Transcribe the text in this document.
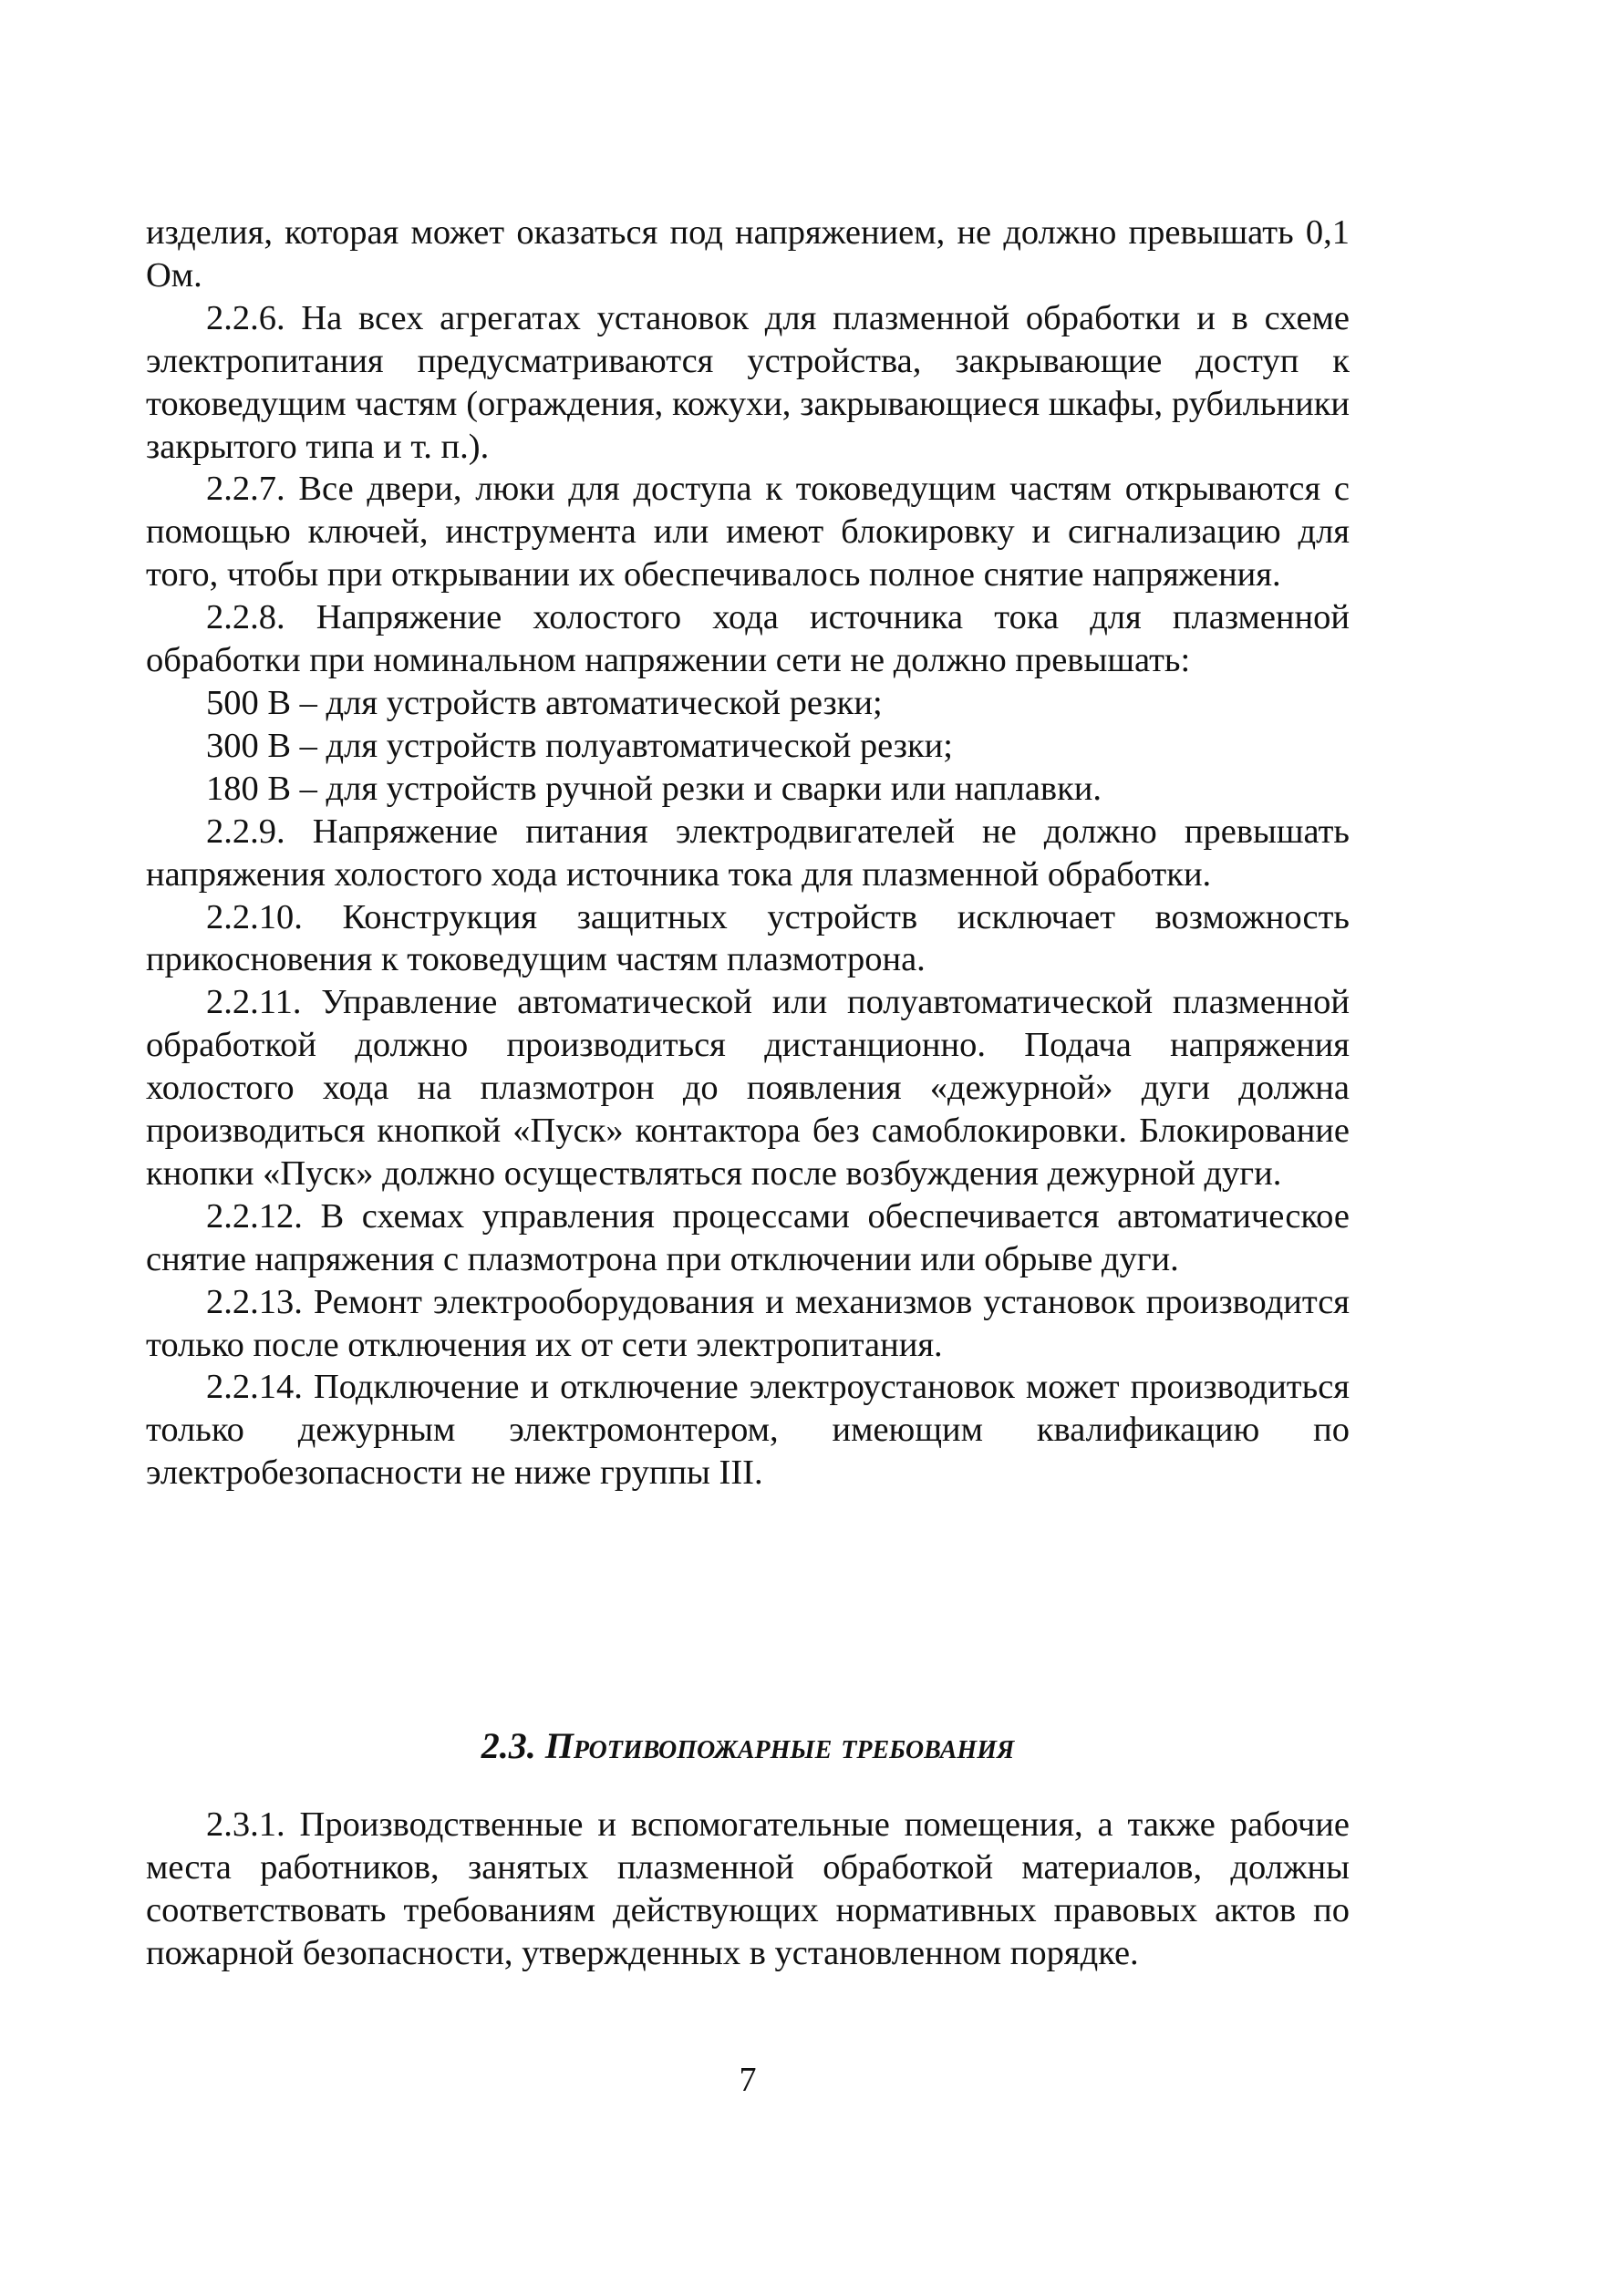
изделия, которая может оказаться под напряжением, не должно превышать 0,1 Ом.

2.2.6. На всех агрегатах установок для плазменной обработки и в схеме электропитания предусматриваются устройства, закрывающие доступ к токоведущим частям (ограждения, кожухи, закрывающиеся шкафы, рубильники закрытого типа и т. п.).

2.2.7. Все двери, люки для доступа к токоведущим частям открываются с помощью ключей, инструмента или имеют блокировку и сигнализацию для того, чтобы при открывании их обеспечивалось полное снятие напряжения.

2.2.8. Напряжение холостого хода источника тока для плазменной обработки при номинальном напряжении сети не должно превышать:

500 В – для устройств автоматической резки;

300 В – для устройств полуавтоматической резки;

180 В – для устройств ручной резки и сварки или наплавки.

2.2.9. Напряжение питания электродвигателей не должно превышать напряжения холостого хода источника тока для плазменной обработки.

2.2.10. Конструкция защитных устройств исключает возможность прикосновения к токоведущим частям плазмотрона.

2.2.11. Управление автоматической или полуавтоматической плазменной обработкой должно производиться дистанционно. Подача напряжения холостого хода на плазмотрон до появления «дежурной» дуги должна производиться кнопкой «Пуск» контактора без самоблокировки. Блокирование кнопки «Пуск» должно осуществляться после возбуждения дежурной дуги.

2.2.12. В схемах управления процессами обеспечивается автоматическое снятие напряжения с плазмотрона при отключении или обрыве дуги.

2.2.13. Ремонт электрооборудования и механизмов установок производится только после отключения их от сети электропитания.

2.2.14. Подключение и отключение электроустановок может производиться только дежурным электромонтером, имеющим квалификацию по электробезопасности не ниже группы III.

2.3. Противопожарные требования

2.3.1. Производственные и вспомогательные помещения, а также рабочие места работников, занятых плазменной обработкой материалов, должны соответствовать требованиям действующих нормативных правовых актов по пожарной безопасности, утвержденных в установленном порядке.

7
